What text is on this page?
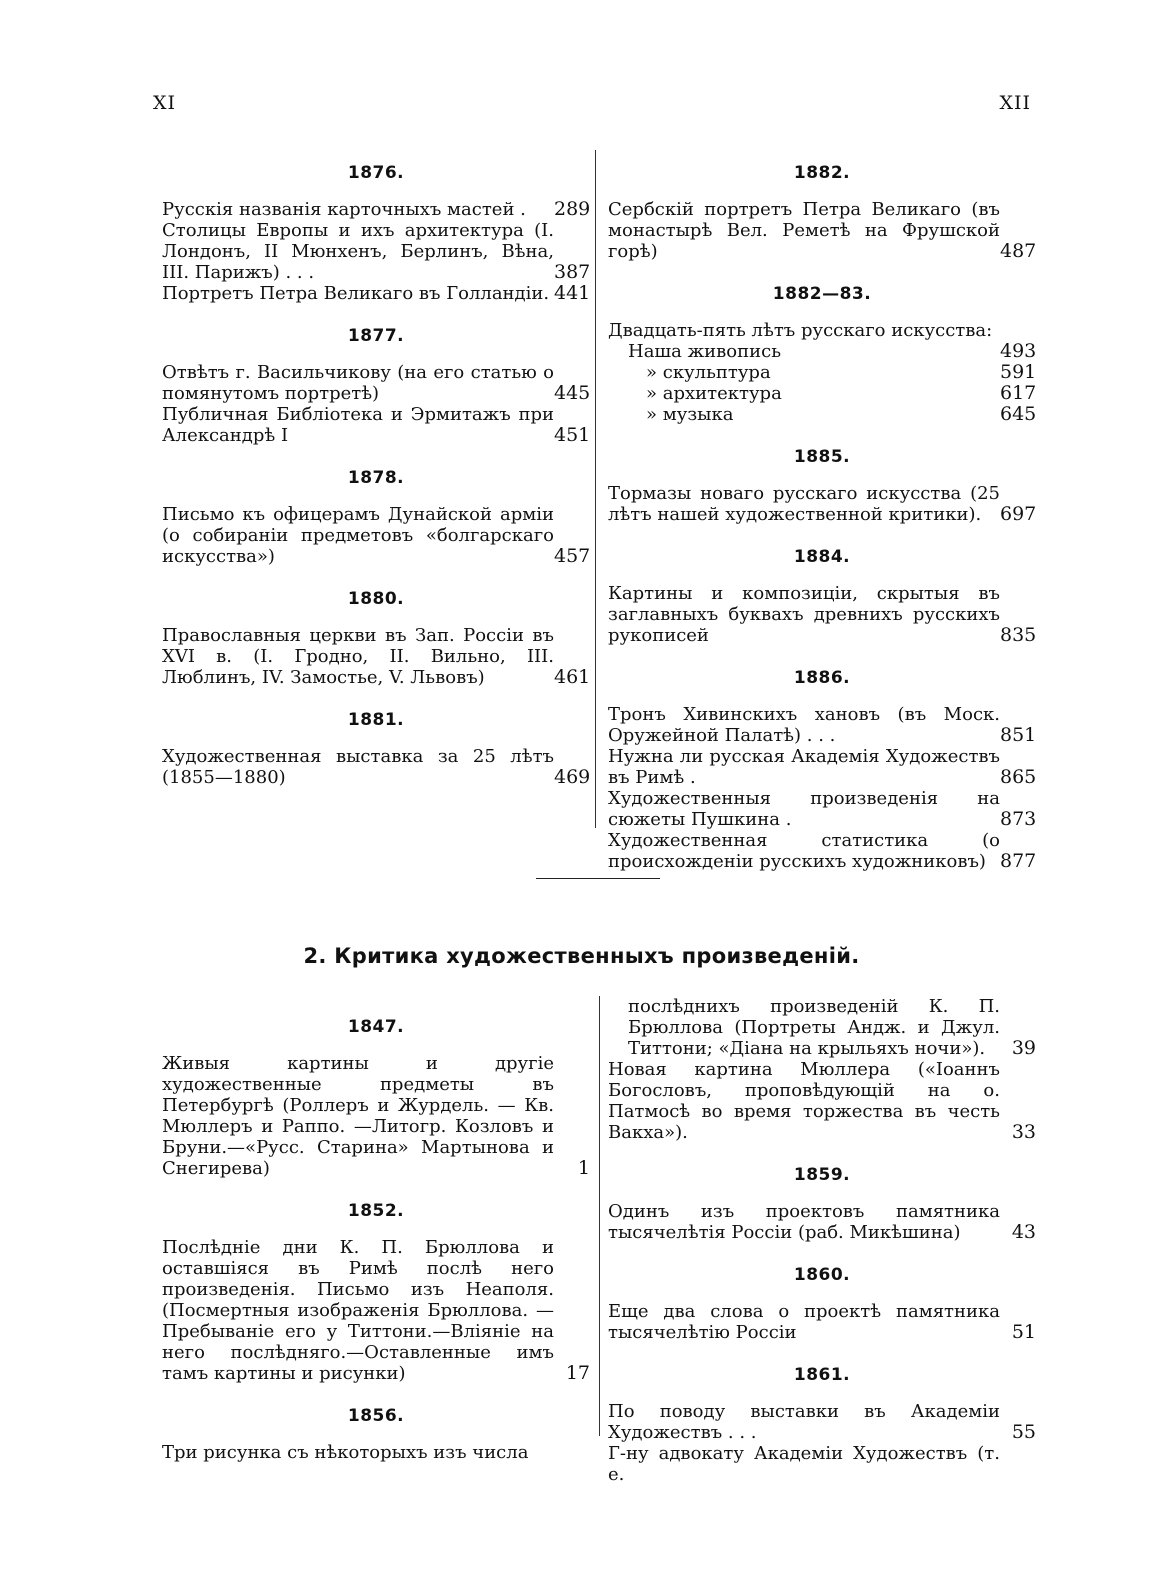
XI	XII
1876.
Русскія названія карточныхъ мастей .	289
Столицы Европы и ихъ архитектура (I. Лондонъ, II Мюнхенъ, Берлинъ, Вѣна, III. Парижъ) . . .	387
Портретъ Петра Великаго въ Голландіи. 441
1877.
Отвѣтъ г. Васильчикову (на его статью о помянутомъ портретѣ)	445
Публичная Библіотека и Эрмитажъ при Александрѣ I	451
1878.
Письмо къ офицерамъ Дунайской арміи (о собираніи предметовъ «болгарскаго искусства»)	457
1880.
Православныя церкви въ Зап. Россіи въ XVI в. (I. Гродно, II. Вильно, III. Люблинъ, IV. Замостье, V. Львовъ)	461
1881.
Художественная выставка за 25 лѣтъ (1855—1880)	469
1882.
Сербскій портретъ Петра Великаго (въ монастырѣ Вел. Реметѣ на Фрушской горѣ)	487
1882—83.
Двадцать-пять лѣтъ русскаго искусства:
Наша живопись	493
» скульптура	591
» архитектура	617
» музыка	645
1885.
Тормазы новаго русскаго искусства (25 лѣтъ нашей художественной критики). 697
1884.
Картины и композиціи, скрытыя въ заглавныхъ буквахъ древнихъ русскихъ рукописей	835
1886.
Тронъ Хивинскихъ хановъ (въ Моск. Оружейной Палатѣ) . . .	851
Нужна ли русская Академія Художествъ въ Римѣ .	865
Художественныя произведенія на сюжеты Пушкина .	873
Художественная статистика (о происхожденіи русскихъ художниковъ) 877
2. Критика художественныхъ произведеній.
1847.
Живыя картины и другіе художественные предметы въ Петербургѣ (Роллеръ и Журдель. — Кв. Мюллеръ и Раппо. —Литогр. Козловъ и Бруни.—«Русс. Старина» Мартынова и Снегирева)	1
1852.
Послѣдніе дни К. П. Брюллова и оставшіяся въ Римѣ послѣ него произведенія. Письмо изъ Неаполя. (Посмертныя изображенія Брюллова. — Пребываніе его у Титтони.—Вліяніе на него послѣдняго.—Оставленные имъ тамъ картины и рисунки)	17
1856.
Три рисунка съ нѣкоторыхъ изъ числа
послѣднихъ произведеній К. П. Брюллова (Портреты Андж. и Джул. Титтони; «Діана на крыльяхъ ночи»).	39
Новая картина Мюллера («Іоаннъ Богословъ, проповѣдующій на о. Патмосѣ во время торжества въ честь Вакха»).	33
1859.
Одинъ изъ проектовъ памятника тысячелѣтія Россіи (раб. Микѣшина)	43
1860.
Еще два слова о проектѣ памятника тысячелѣтію Россіи	51
1861.
По поводу выставки въ Академіи Художествъ . . .	55
Г-ну адвокату Академіи Художествъ (т. е.
